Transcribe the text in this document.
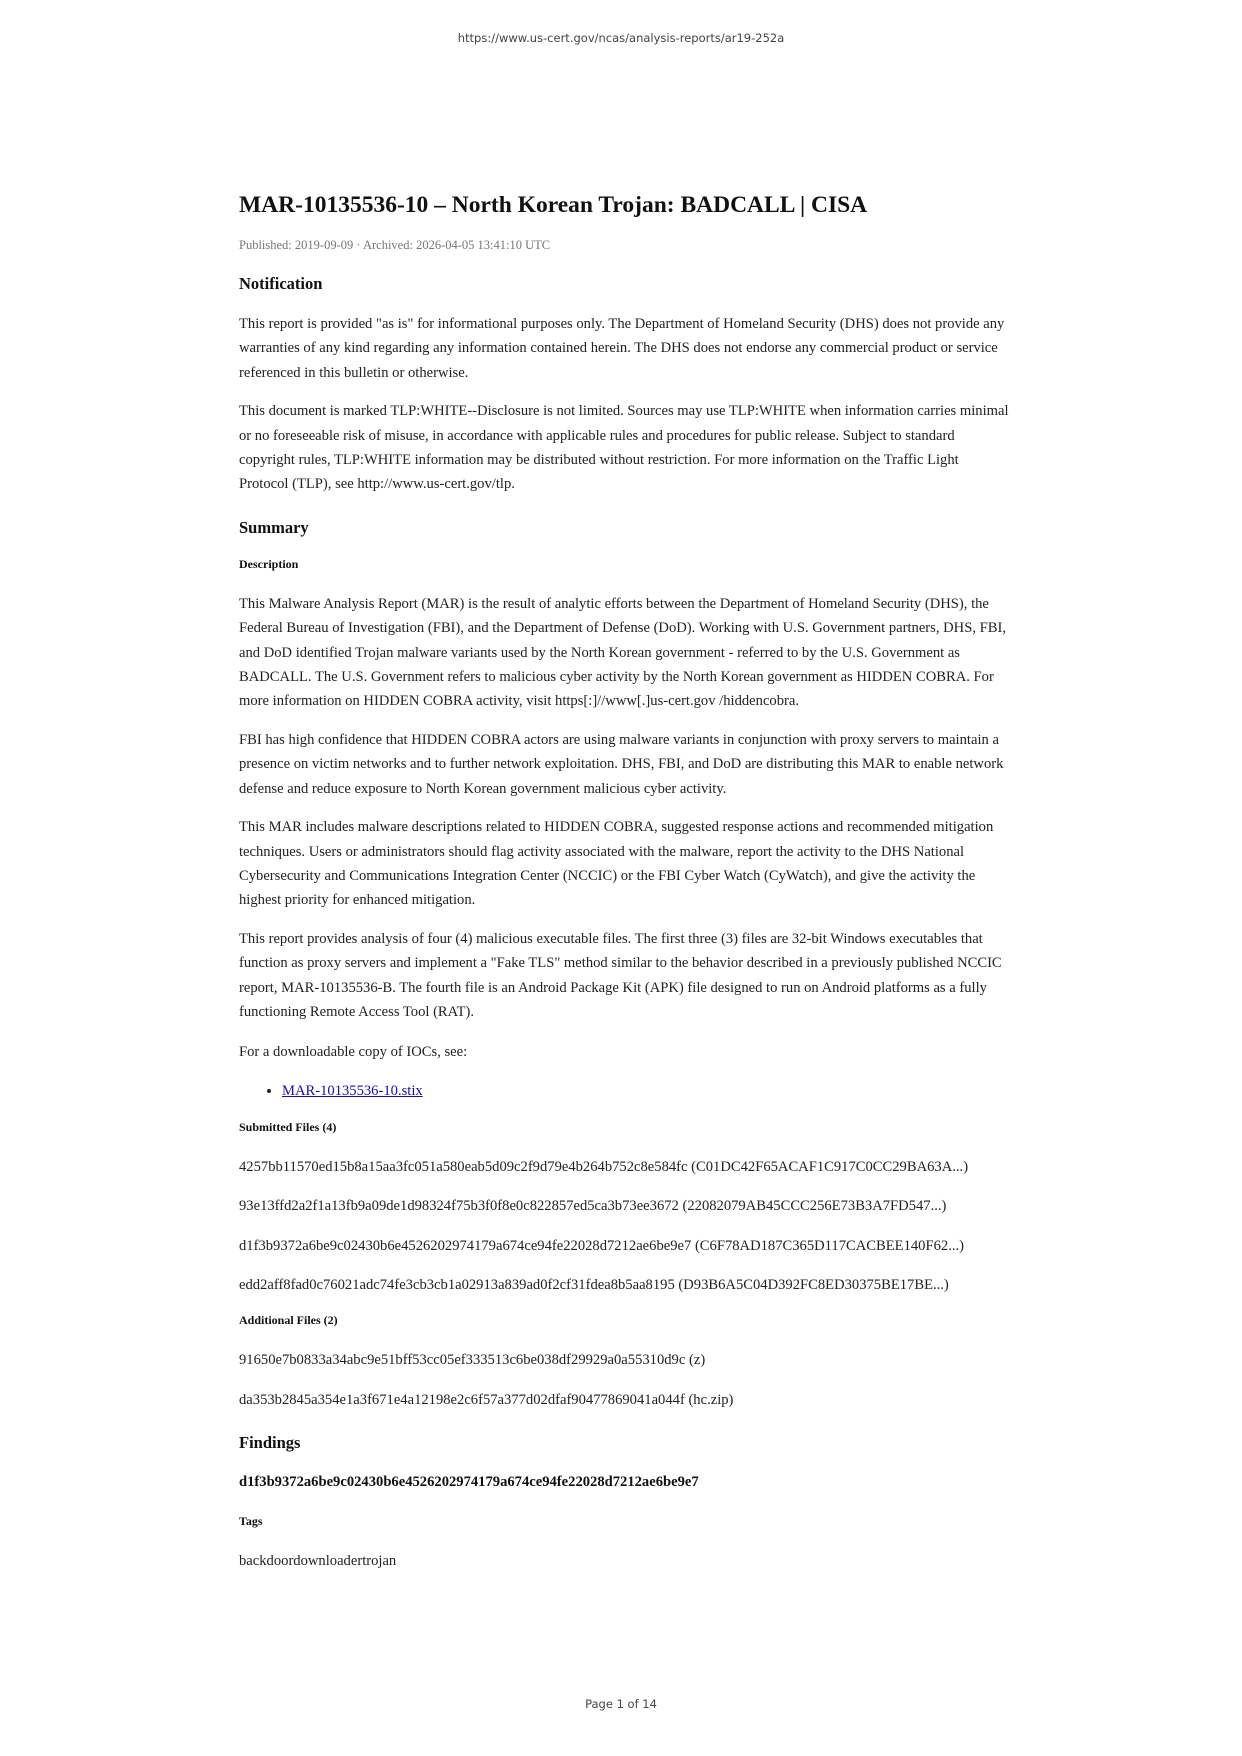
https://www.us-cert.gov/ncas/analysis-reports/ar19-252a
MAR-10135536-10 – North Korean Trojan: BADCALL | CISA
Published: 2019-09-09 · Archived: 2026-04-05 13:41:10 UTC
Notification

This report is provided "as is" for informational purposes only. The Department of Homeland Security (DHS) does not provide any warranties of any kind regarding any information contained herein. The DHS does not endorse any commercial product or service referenced in this bulletin or otherwise.

This document is marked TLP:WHITE--Disclosure is not limited. Sources may use TLP:WHITE when information carries minimal or no foreseeable risk of misuse, in accordance with applicable rules and procedures for public release. Subject to standard copyright rules, TLP:WHITE information may be distributed without restriction. For more information on the Traffic Light Protocol (TLP), see http://www.us-cert.gov/tlp.

Summary
Description

This Malware Analysis Report (MAR) is the result of analytic efforts between the Department of Homeland Security (DHS), the Federal Bureau of Investigation (FBI), and the Department of Defense (DoD). Working with U.S. Government partners, DHS, FBI, and DoD identified Trojan malware variants used by the North Korean government - referred to by the U.S. Government as BADCALL. The U.S. Government refers to malicious cyber activity by the North Korean government as HIDDEN COBRA. For more information on HIDDEN COBRA activity, visit https[:]//www[.]us-cert.gov /hiddencobra.

FBI has high confidence that HIDDEN COBRA actors are using malware variants in conjunction with proxy servers to maintain a presence on victim networks and to further network exploitation. DHS, FBI, and DoD are distributing this MAR to enable network defense and reduce exposure to North Korean government malicious cyber activity.

This MAR includes malware descriptions related to HIDDEN COBRA, suggested response actions and recommended mitigation techniques. Users or administrators should flag activity associated with the malware, report the activity to the DHS National Cybersecurity and Communications Integration Center (NCCIC) or the FBI Cyber Watch (CyWatch), and give the activity the highest priority for enhanced mitigation.

This report provides analysis of four (4) malicious executable files. The first three (3) files are 32-bit Windows executables that function as proxy servers and implement a "Fake TLS" method similar to the behavior described in a previously published NCCIC report, MAR-10135536-B. The fourth file is an Android Package Kit (APK) file designed to run on Android platforms as a fully functioning Remote Access Tool (RAT).

For a downloadable copy of IOCs, see:

• MAR-10135536-10.stix
Submitted Files (4)

4257bb11570ed15b8a15aa3fc051a580eab5d09c2f9d79e4b264b752c8e584fc (C01DC42F65ACAF1C917C0CC29BA63A...)

93e13ffd2a2f1a13fb9a09de1d98324f75b3f0f8e0c822857ed5ca3b73ee3672 (22082079AB45CCC256E73B3A7FD547...)

d1f3b9372a6be9c02430b6e4526202974179a674ce94fe22028d7212ae6be9e7 (C6F78AD187C365D117CACBEE140F62...)

edd2aff8fad0c76021adc74fe3cb3cb1a02913a839ad0f2cf31fdea8b5aa8195 (D93B6A5C04D392FC8ED30375BE17BE...)

Additional Files (2)

91650e7b0833a34abc9e51bff53cc05ef333513c6be038df29929a0a55310d9c (z)

da353b2845a354e1a3f671e4a12198e2c6f57a377d02dfaf90477869041a044f (hc.zip)

Findings
d1f3b9372a6be9c02430b6e4526202974179a674ce94fe22028d7212ae6be9e7
Tags

backdoordownloadertrojan

Page 1 of 14
